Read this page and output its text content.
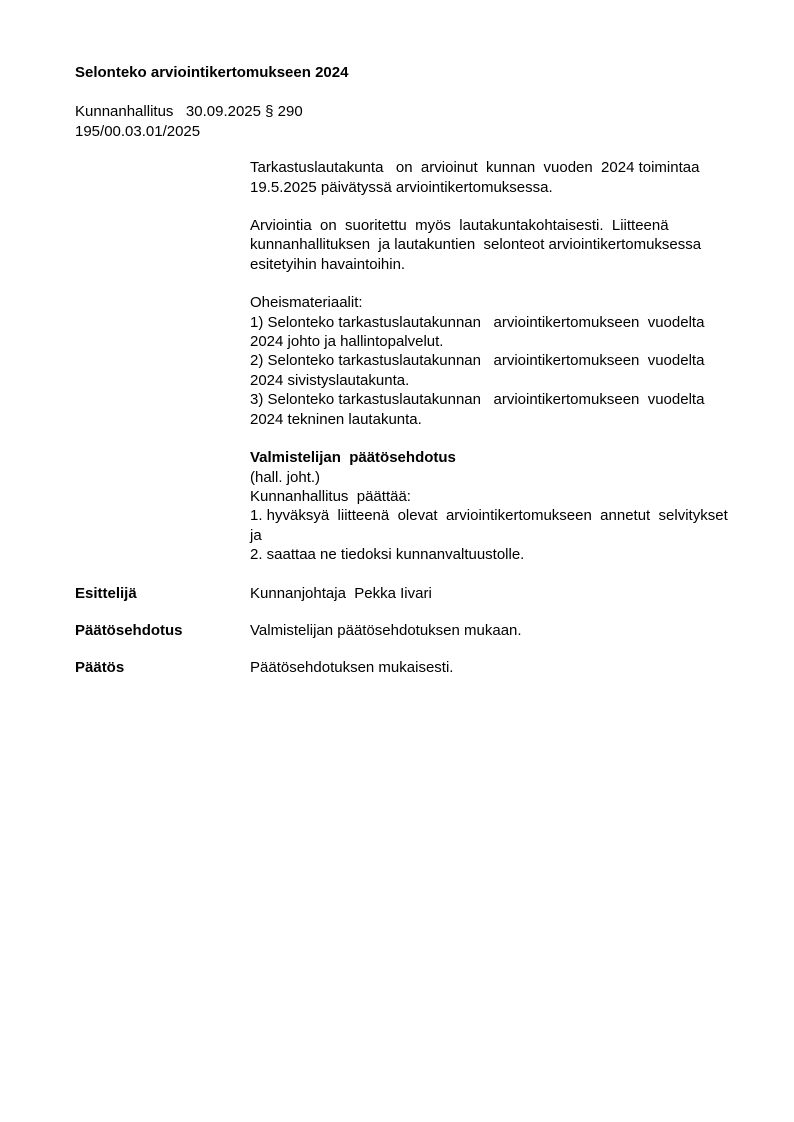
Selonteko arviointikertomukseen 2024
Kunnanhallitus   30.09.2025 § 290
195/00.03.01/2025
Tarkastuslautakunta   on  arvioinut  kunnan  vuoden  2024 toimintaa
19.5.2025 päivätyssä arviointikertomuksessa.
Arviointia  on  suoritettu  myös  lautakuntakohtaisesti.  Liitteenä
kunnanhallituksen  ja lautakuntien  selonteot arviointikertomuksessa
esitetyihin havaintoihin.
Oheismateriaalit:
1) Selonteko tarkastuslautakunnan   arviointikertomukseen  vuodelta
2024 johto ja hallintopalvelut.
2) Selonteko tarkastuslautakunnan   arviointikertomukseen  vuodelta
2024 sivistyslautakunta.
3) Selonteko tarkastuslautakunnan   arviointikertomukseen  vuodelta
2024 tekninen lautakunta.
Valmistelijan  päätösehdotus
(hall. joht.)
Kunnanhallitus  päättää:
1. hyväksyä  liitteenä  olevat  arviointikertomukseen  annetut  selvitykset
ja
2. saattaa ne tiedoksi kunnanvaltuustolle.
Esittelijä	Kunnanjohtaja  Pekka Iivari
Päätösehdotus	Valmistelijan päätösehdotuksen mukaan.
Päätös	Päätösehdotuksen mukaisesti.
